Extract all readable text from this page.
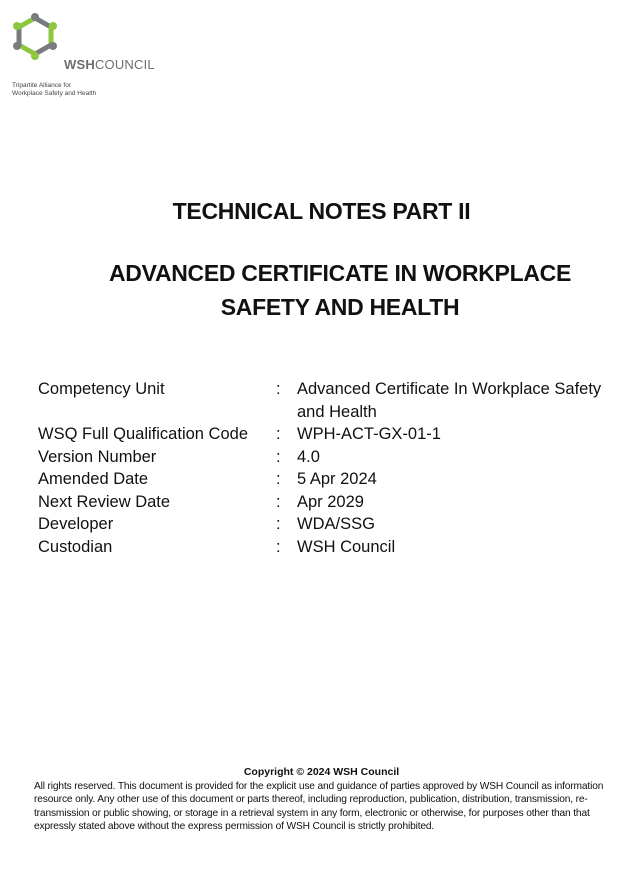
WSHCOUNCIL
Tripartite Alliance for
Workplace Safety and Health
TECHNICAL NOTES PART II
ADVANCED CERTIFICATE IN WORKPLACE
SAFETY AND HEALTH
Competency Unit	: Advanced Certificate In Workplace Safety and Health
WSQ Full Qualification Code	: WPH-ACT-GX-01-1
Version Number	: 4.0
Amended Date	: 5 Apr 2024
Next Review Date	: Apr 2029
Developer	: WDA/SSG
Custodian	: WSH Council
Copyright © 2024 WSH Council
All rights reserved. This document is provided for the explicit use and guidance of parties approved by WSH Council as information resource only. Any other use of this document or parts thereof, including reproduction, publication, distribution, transmission, re-transmission or public showing, or storage in a retrieval system in any form, electronic or otherwise, for purposes other than that expressly stated above without the express permission of WSH Council is strictly prohibited.
